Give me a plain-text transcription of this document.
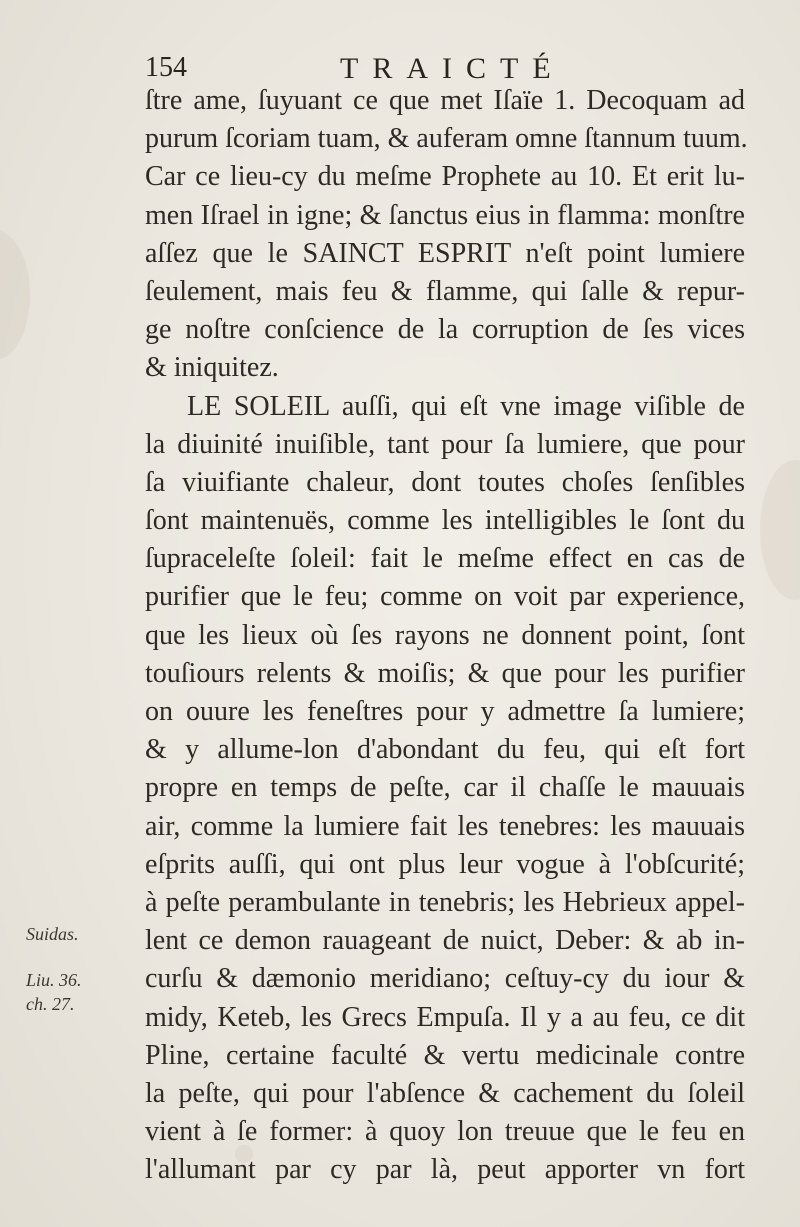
154	TRAICTÉ
ſtre ame, ſuyuant ce que met Iſaïe 1. Decoquam ad
purum ſcoriam tuam, & auferam omne ſtannum tuum.
Car ce lieu-cy du meſme Prophete au 10. Et erit lu-
men Iſrael in igne; & ſanctus eius in flamma: monſtre
aſſez que le SAINCT ESPRIT n'eſt point lumiere
ſeulement, mais feu & flamme, qui ſalle & repur-
ge noſtre conſcience de la corruption de ſes vices
& iniquitez.
LE SOLEIL auſſi, qui eſt vne image viſible de
la diuinité inuiſible, tant pour ſa lumiere, que pour
ſa viuifiante chaleur, dont toutes choſes ſenſibles
ſont maintenuës, comme les intelligibles le ſont du
ſupraceleſte ſoleil: fait le meſme effect en cas de
purifier que le feu; comme on voit par experience,
que les lieux où ſes rayons ne donnent point, ſont
touſiours relents & moiſis; & que pour les purifier
on ouure les feneſtres pour y admettre ſa lumiere;
& y allume-lon d'abondant du feu, qui eſt fort
propre en temps de peſte, car il chaſſe le mauuais
air, comme la lumiere fait les tenebres: les mauuais
eſprits auſſi, qui ont plus leur vogue à l'obſcurité;
à peſte perambulante in tenebris; les Hebrieux appel-
lent ce demon rauageant de nuict, Deber: & ab in-
curſu & dæmonio meridiano; ceſtuy-cy du iour &
midy, Keteb, les Grecs Empuſa. Il y a au feu, ce dit
Pline, certaine faculté & vertu medicinale contre
la peſte, qui pour l'abſence & cachement du ſoleil
vient à ſe former: à quoy lon treuue que le feu en
l'allumant par cy par là, peut apporter vn fort
Suidas.
Liu. 36.
ch. 27.
